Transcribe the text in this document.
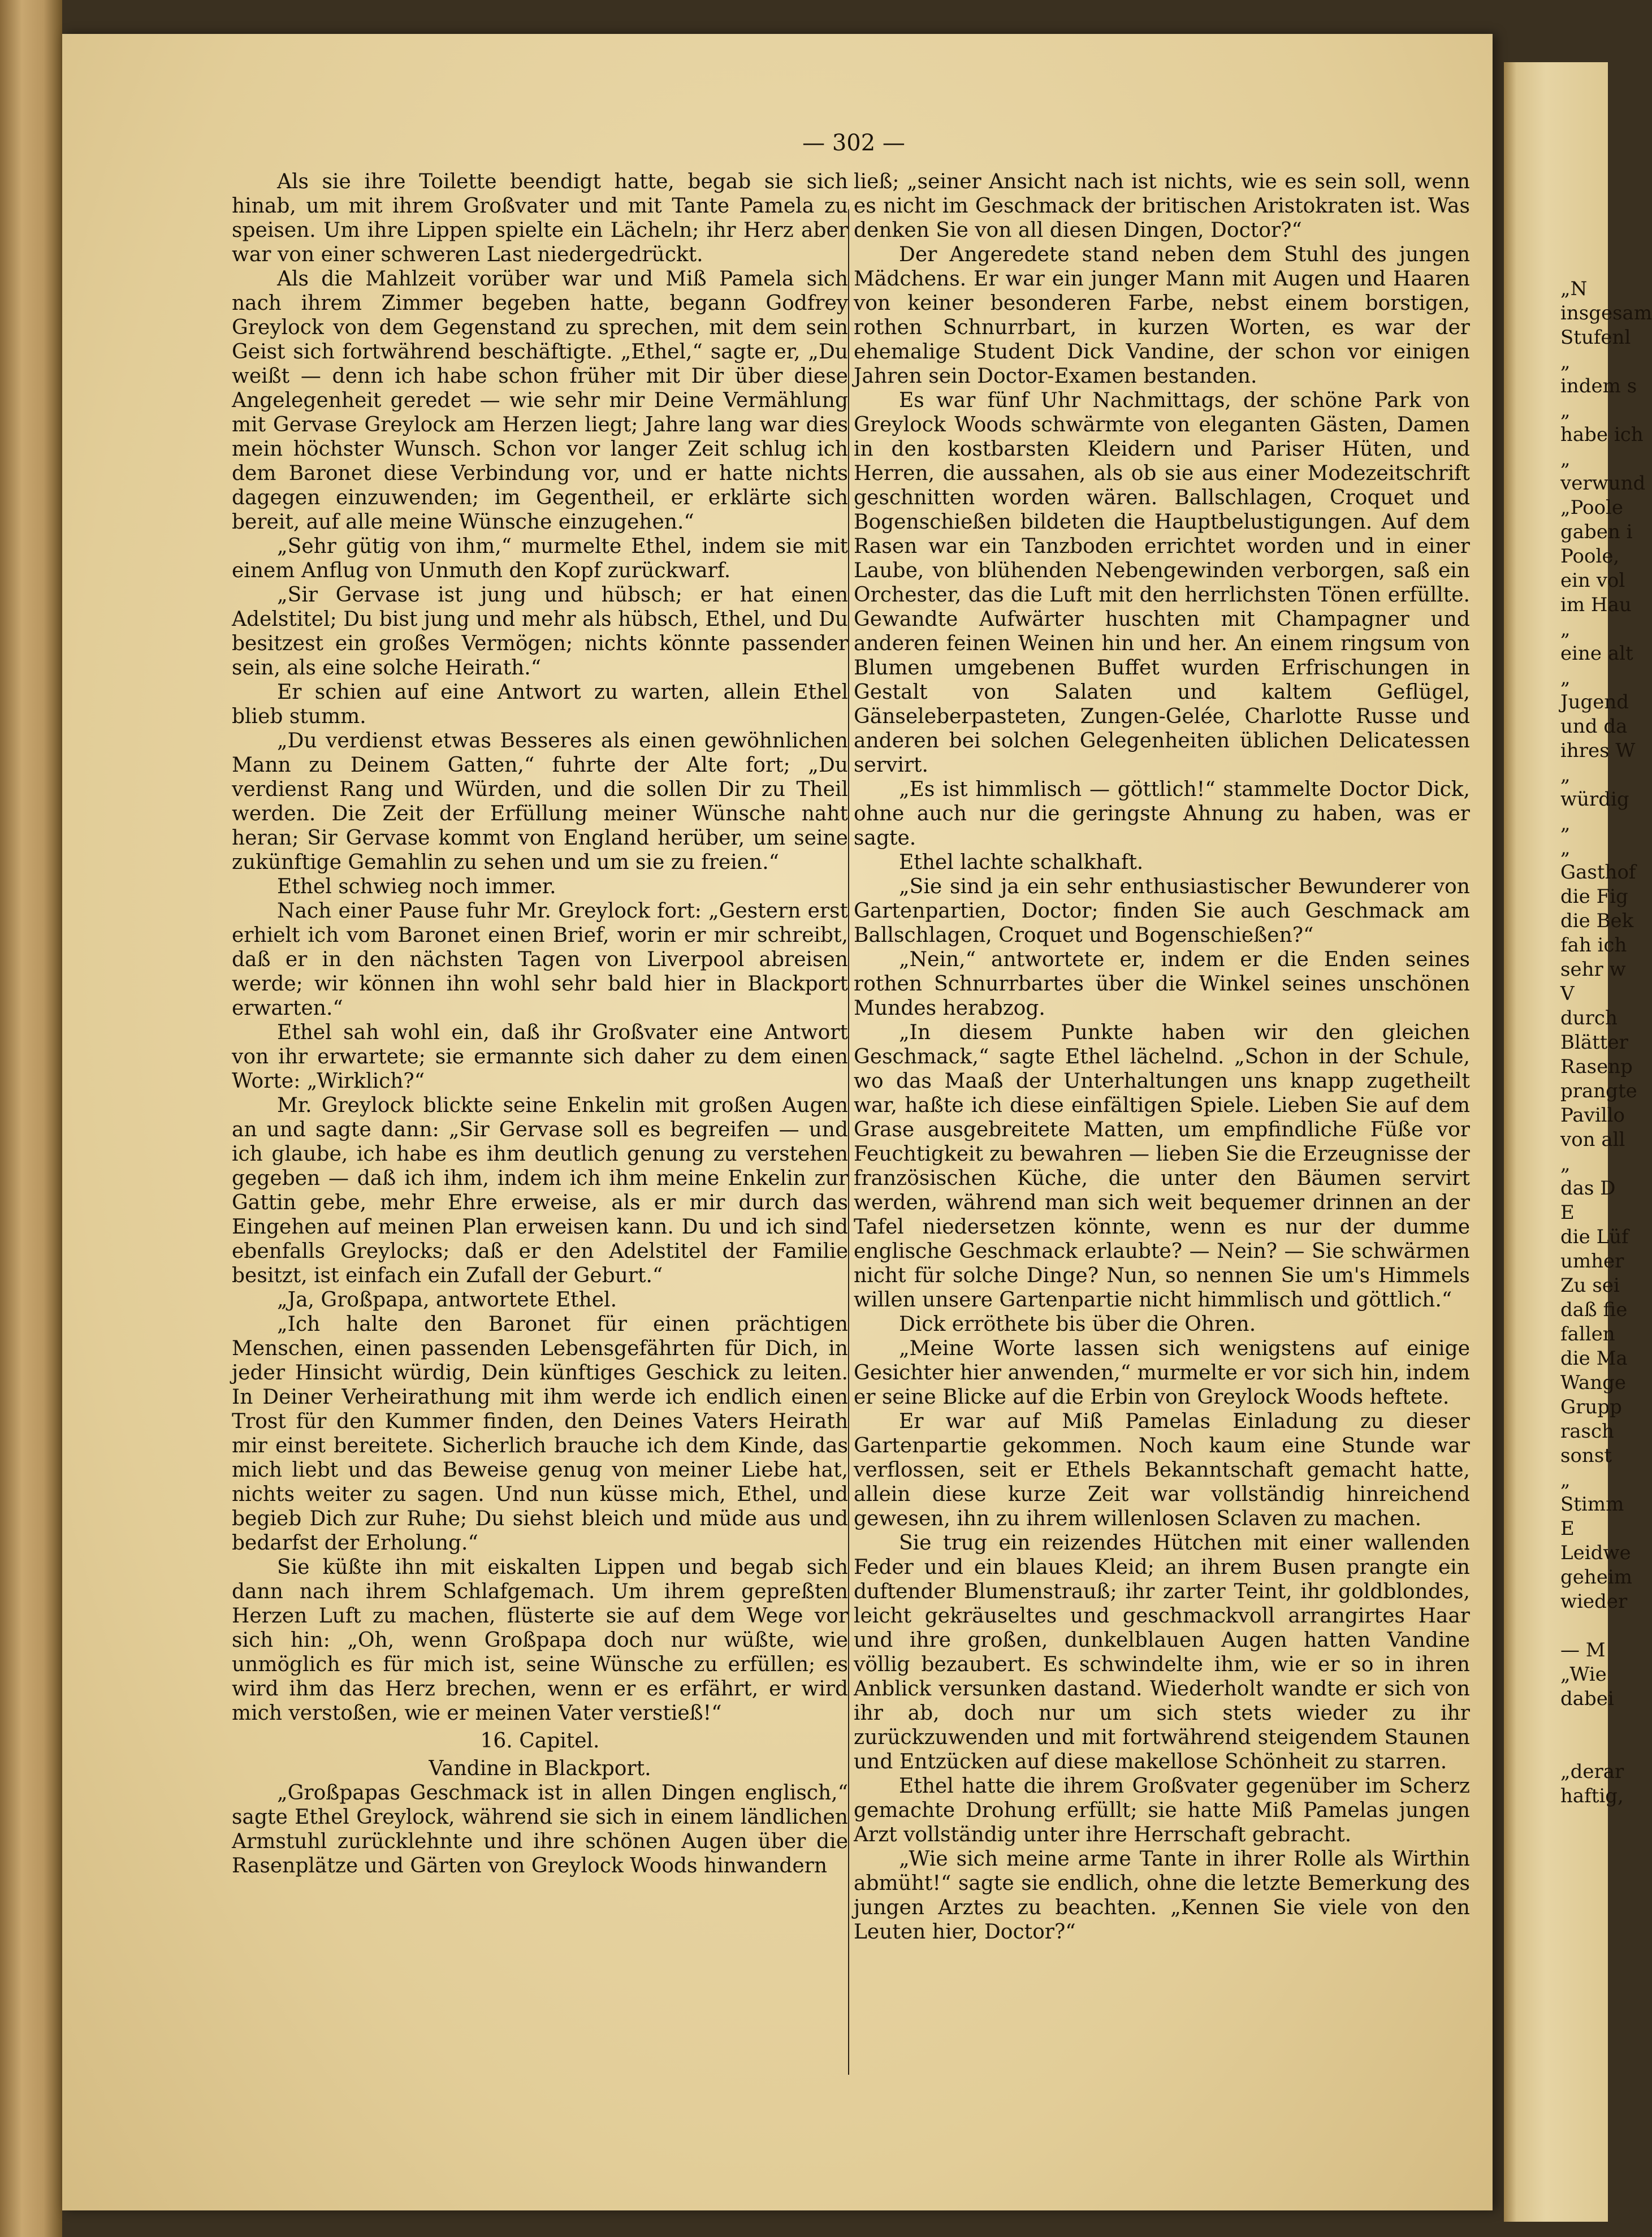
— 302 —

Als sie ihre Toilette beendigt hatte, begab sie sich hinab, um mit ihrem Großvater und mit Tante Pamela zu speisen. Um ihre Lippen spielte ein Lächeln; ihr Herz aber war von einer schweren Last niedergedrückt.

Als die Mahlzeit vorüber war und Miß Pamela sich nach ihrem Zimmer begeben hatte, begann Godfrey Greylock von dem Gegenstand zu sprechen, mit dem sein Geist sich fortwährend beschäftigte. „Ethel,“ sagte er, „Du weißt — denn ich habe schon früher mit Dir über diese Angelegenheit geredet — wie sehr mir Deine Vermählung mit Gervase Greylock am Herzen liegt; Jahre lang war dies mein höchster Wunsch. Schon vor langer Zeit schlug ich dem Baronet diese Verbindung vor, und er hatte nichts dagegen einzuwenden; im Gegentheil, er erklärte sich bereit, auf alle meine Wünsche einzugehen.“

„Sehr gütig von ihm,“ murmelte Ethel, indem sie mit einem Anflug von Unmuth den Kopf zurückwarf.

„Sir Gervase ist jung und hübsch; er hat einen Adelstitel; Du bist jung und mehr als hübsch, Ethel, und Du besitzest ein großes Vermögen; nichts könnte passender sein, als eine solche Heirath.“

Er schien auf eine Antwort zu warten, allein Ethel blieb stumm.

„Du verdienst etwas Besseres als einen gewöhnlichen Mann zu Deinem Gatten,“ fuhrte der Alte fort; „Du verdienst Rang und Würden, und die sollen Dir zu Theil werden. Die Zeit der Erfüllung meiner Wünsche naht heran; Sir Gervase kommt von England herüber, um seine zukünftige Gemahlin zu sehen und um sie zu freien.“

Ethel schwieg noch immer.

Nach einer Pause fuhr Mr. Greylock fort: „Gestern erst erhielt ich vom Baronet einen Brief, worin er mir schreibt, daß er in den nächsten Tagen von Liverpool abreisen werde; wir können ihn wohl sehr bald hier in Blackport erwarten.“

Ethel sah wohl ein, daß ihr Großvater eine Antwort von ihr erwartete; sie ermannte sich daher zu dem einen Worte: „Wirklich?“

Mr. Greylock blickte seine Enkelin mit großen Augen an und sagte dann: „Sir Gervase soll es begreifen — und ich glaube, ich habe es ihm deutlich genung zu verstehen gegeben — daß ich ihm, indem ich ihm meine Enkelin zur Gattin gebe, mehr Ehre erweise, als er mir durch das Eingehen auf meinen Plan erweisen kann. Du und ich sind ebenfalls Greylocks; daß er den Adelstitel der Familie besitzt, ist einfach ein Zufall der Geburt.“

„Ja, Großpapa, antwortete Ethel.

„Ich halte den Baronet für einen prächtigen Menschen, einen passenden Lebensgefährten für Dich, in jeder Hinsicht würdig, Dein künftiges Geschick zu leiten. In Deiner Verheirathung mit ihm werde ich endlich einen Trost für den Kummer finden, den Deines Vaters Heirath mir einst bereitete. Sicherlich brauche ich dem Kinde, das mich liebt und das Beweise genug von meiner Liebe hat, nichts weiter zu sagen. Und nun küsse mich, Ethel, und begieb Dich zur Ruhe; Du siehst bleich und müde aus und bedarfst der Erholung.“

Sie küßte ihn mit eiskalten Lippen und begab sich dann nach ihrem Schlafgemach. Um ihrem gepreßten Herzen Luft zu machen, flüsterte sie auf dem Wege vor sich hin: „Oh, wenn Großpapa doch nur wüßte, wie unmöglich es für mich ist, seine Wünsche zu erfüllen; es wird ihm das Herz brechen, wenn er es erfährt, er wird mich verstoßen, wie er meinen Vater verstieß!“

16. Capitel.

Vandine in Blackport.

„Großpapas Geschmack ist in allen Dingen englisch,“ sagte Ethel Greylock, während sie sich in einem ländlichen Armstuhl zurücklehnte und ihre schönen Augen über die Rasenplätze und Gärten von Greylock Woods hinwandern

ließ; „seiner Ansicht nach ist nichts, wie es sein soll, wenn es nicht im Geschmack der britischen Aristokraten ist. Was denken Sie von all diesen Dingen, Doctor?“

Der Angeredete stand neben dem Stuhl des jungen Mädchens. Er war ein junger Mann mit Augen und Haaren von keiner besonderen Farbe, nebst einem borstigen, rothen Schnurrbart, in kurzen Worten, es war der ehemalige Student Dick Vandine, der schon vor einigen Jahren sein Doctor-Examen bestanden.

Es war fünf Uhr Nachmittags, der schöne Park von Greylock Woods schwärmte von eleganten Gästen, Damen in den kostbarsten Kleidern und Pariser Hüten, und Herren, die aussahen, als ob sie aus einer Modezeitschrift geschnitten worden wären. Ballschlagen, Croquet und Bogenschießen bildeten die Hauptbelustigungen. Auf dem Rasen war ein Tanzboden errichtet worden und in einer Laube, von blühenden Nebengewinden verborgen, saß ein Orchester, das die Luft mit den herrlichsten Tönen erfüllte. Gewandte Aufwärter huschten mit Champagner und anderen feinen Weinen hin und her. An einem ringsum von Blumen umgebenen Buffet wurden Erfrischungen in Gestalt von Salaten und kaltem Geflügel, Gänseleberpasteten, Zungen-Gelée, Charlotte Russe und anderen bei solchen Gelegenheiten üblichen Delicatessen servirt.

„Es ist himmlisch — göttlich!“ stammelte Doctor Dick, ohne auch nur die geringste Ahnung zu haben, was er sagte.

Ethel lachte schalkhaft.

„Sie sind ja ein sehr enthusiastischer Bewunderer von Gartenpartien, Doctor; finden Sie auch Geschmack am Ballschlagen, Croquet und Bogenschießen?“

„Nein,“ antwortete er, indem er die Enden seines rothen Schnurrbartes über die Winkel seines unschönen Mundes herabzog.

„In diesem Punkte haben wir den gleichen Geschmack,“ sagte Ethel lächelnd. „Schon in der Schule, wo das Maaß der Unterhaltungen uns knapp zugetheilt war, haßte ich diese einfältigen Spiele. Lieben Sie auf dem Grase ausgebreitete Matten, um empfindliche Füße vor Feuchtigkeit zu bewahren — lieben Sie die Erzeugnisse der französischen Küche, die unter den Bäumen servirt werden, während man sich weit bequemer drinnen an der Tafel niedersetzen könnte, wenn es nur der dumme englische Geschmack erlaubte? — Nein? — Sie schwärmen nicht für solche Dinge? Nun, so nennen Sie um's Himmels willen unsere Gartenpartie nicht himmlisch und göttlich.“

Dick erröthete bis über die Ohren.

„Meine Worte lassen sich wenigstens auf einige Gesichter hier anwenden,“ murmelte er vor sich hin, indem er seine Blicke auf die Erbin von Greylock Woods heftete.

Er war auf Miß Pamelas Einladung zu dieser Gartenpartie gekommen. Noch kaum eine Stunde war verflossen, seit er Ethels Bekanntschaft gemacht hatte, allein diese kurze Zeit war vollständig hinreichend gewesen, ihn zu ihrem willenlosen Sclaven zu machen.

Sie trug ein reizendes Hütchen mit einer wallenden Feder und ein blaues Kleid; an ihrem Busen prangte ein duftender Blumenstrauß; ihr zarter Teint, ihr goldblondes, leicht gekräuseltes und geschmackvoll arrangirtes Haar und ihre großen, dunkelblauen Augen hatten Vandine völlig bezaubert. Es schwindelte ihm, wie er so in ihren Anblick versunken dastand. Wiederholt wandte er sich von ihr ab, doch nur um sich stets wieder zu ihr zurückzuwenden und mit fortwährend steigendem Staunen und Entzücken auf diese makellose Schönheit zu starren.

Ethel hatte die ihrem Großvater gegenüber im Scherz gemachte Drohung erfüllt; sie hatte Miß Pamelas jungen Arzt vollständig unter ihre Herrschaft gebracht.

„Wie sich meine arme Tante in ihrer Rolle als Wirthin abmüht!“ sagte sie endlich, ohne die letzte Bemerkung des jungen Arztes zu beachten. „Kennen Sie viele von den Leuten hier, Doctor?“

„N
insgesam
Stufenl
„
indem s
„
habe ich
„
verwund
„Poole
gaben i
Poole,
ein vol
im Hau
„
eine alt
„
Jugend
und da
ihres W
„
würdig
„
„
Gasthof
die Fig
die Bek
fah ich
sehr w
V
durch
Blätter
Rasenp
prangte
Pavillo
von all
„
das D
E
die Lüf
umher
Zu sei
daß fie
fallen
die Ma
Wange
Grupp
rasch
sonst
„
Stimm
E
Leidwe
geheim
wieder
— M
„Wie
dabei
„derar
haftig,
